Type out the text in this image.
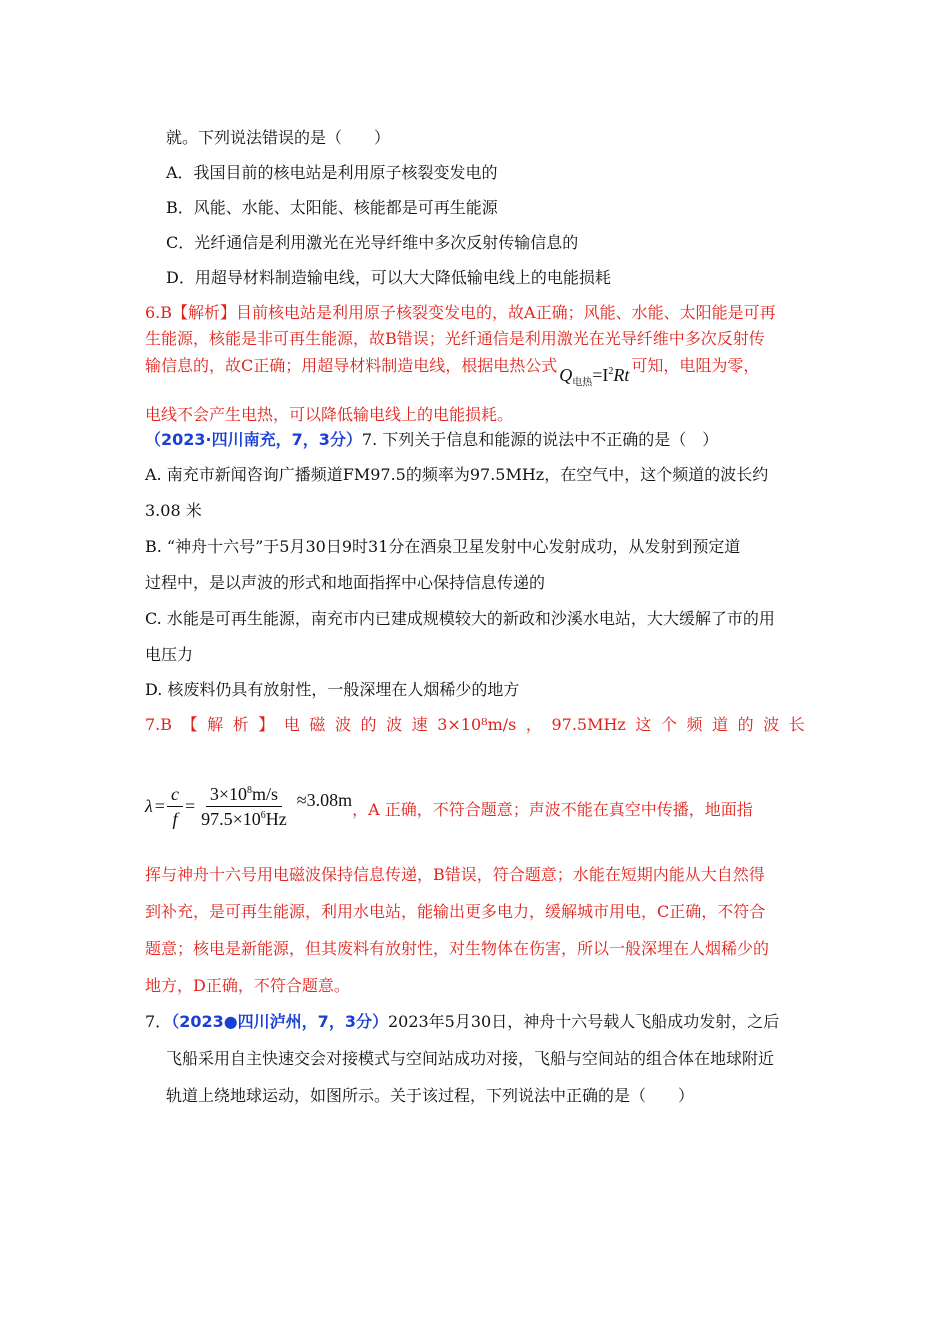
就。下列说法错误的是（　　）
A．我国目前的核电站是利用原子核裂变发电的
B．风能、水能、太阳能、核能都是可再生能源
C．光纤通信是利用激光在光导纤维中多次反射传输信息的
D．用超导材料制造输电线，可以大大降低输电线上的电能损耗
6.B【解析】目前核电站是利用原子核裂变发电的，故A正确；风能、水能、太阳能是可再
生能源，核能是非可再生能源，故B错误；光纤通信是利用激光在光导纤维中多次反射传
输信息的，故C正确；用超导材料制造电线，根据电热公式 $Q_{电热}=I^2Rt$ 可知，电阻为零，
电线不会产生电热，可以降低输电线上的电能损耗。
（2023·四川南充，7，3分）7. 下列关于信息和能源的说法中不正确的是（　）
A. 南充市新闻咨询广播频道FM97.5的频率为97.5MHz，在空气中，这个频道的波长约
3.08 米
B. “神舟十六号”于5月30日9时31分在酒泉卫星发射中心发射成功，从发射到预定道
过程中，是以声波的形式和地面指挥中心保持信息传递的
C. 水能是可再生能源，南充市内已建成规模较大的新政和沙溪水电站，大大缓解了市的用
电压力
D. 核废料仍具有放射性，一般深埋在人烟稀少的地方
7.B 【 解 析 】 电 磁 波 的 波 速 3×10⁸m/s ， 97.5MHz 这 个 频 道 的 波 长
$\lambda = \frac{c}{f} = \frac{3\times 10^8m/s}{97.5\times 10^6Hz} \approx 3.08m$ ，A 正确，不符合题意；声波不能在真空中传播，地面指
挥与神舟十六号用电磁波保持信息传递，B错误，符合题意；水能在短期内能从大自然得
到补充，是可再生能源，利用水电站，能输出更多电力，缓解城市用电，C正确，不符合
题意；核电是新能源，但其废料有放射性，对生物体在伤害，所以一般深埋在人烟稀少的
地方，D正确，不符合题意。
7．（2023●四川泸州，7，3分）2023年5月30日，神舟十六号载人飞船成功发射，之后
飞船采用自主快速交会对接模式与空间站成功对接，飞船与空间站的组合体在地球附近
轨道上绕地球运动，如图所示。关于该过程，下列说法中正确的是（　　）
